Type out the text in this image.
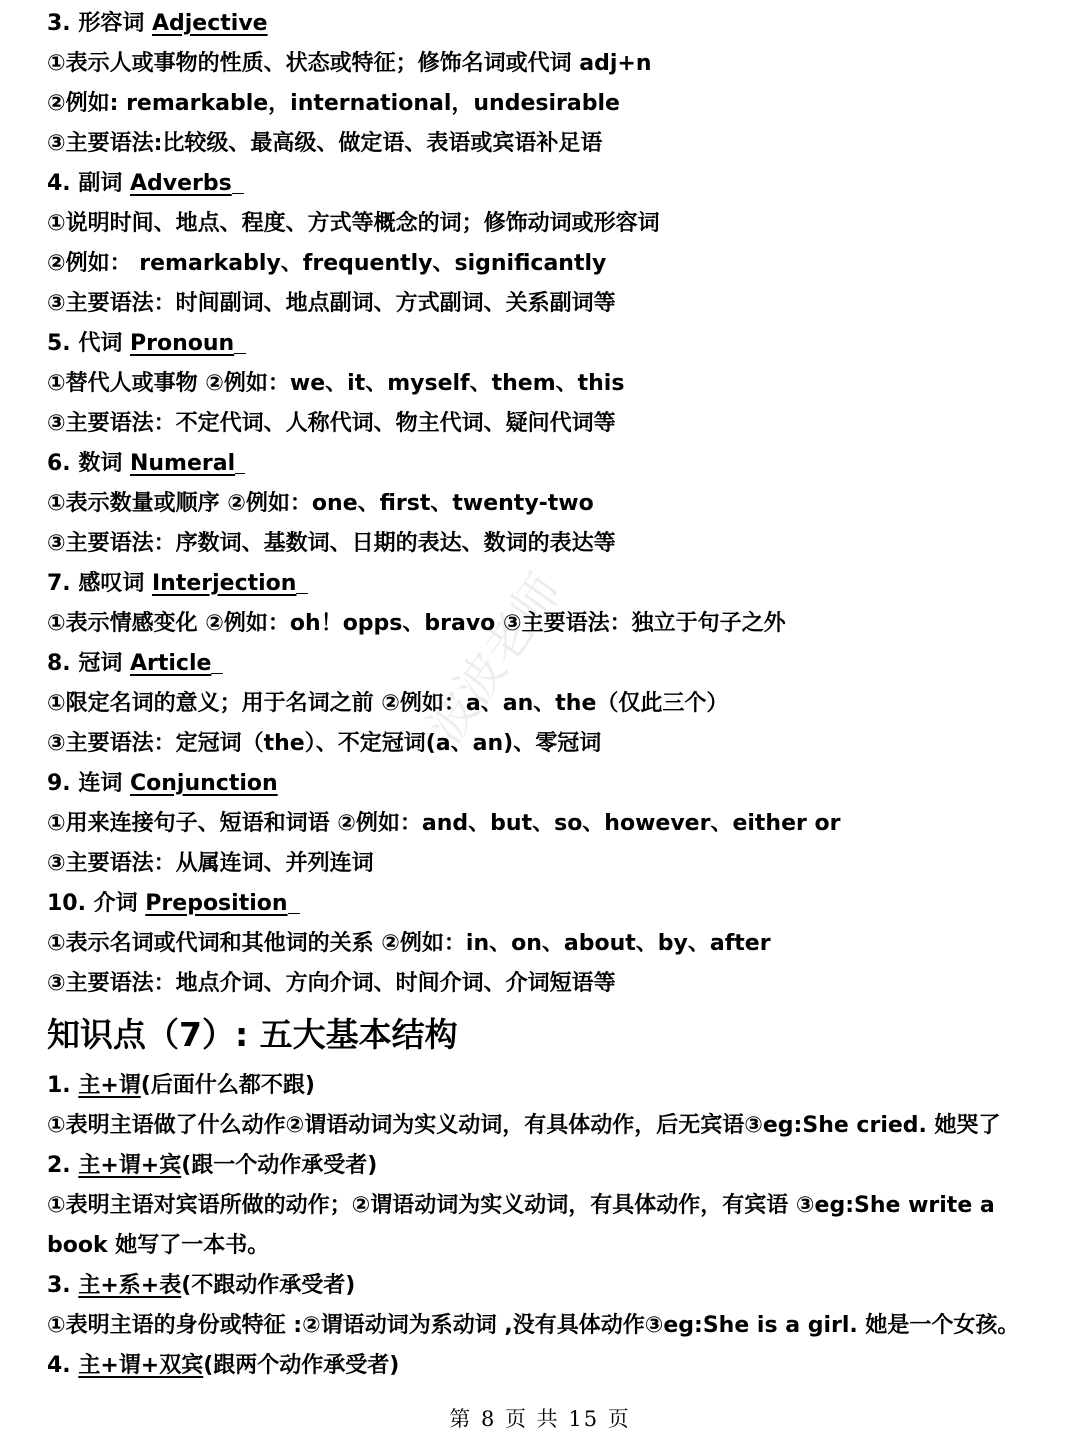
3. 形容词 Adjective
①表示人或事物的性质、状态或特征；修饰名词或代词 adj+n
②例如: remarkable，international，undesirable
③主要语法:比较级、最高级、做定语、表语或宾语补足语
4. 副词 Adverbs
①说明时间、地点、程度、方式等概念的词；修饰动词或形容词
②例如： remarkably、frequently、significantly
③主要语法：时间副词、地点副词、方式副词、关系副词等
5. 代词 Pronoun
①替代人或事物 ②例如：we、it、myself、them、this
③主要语法：不定代词、人称代词、物主代词、疑问代词等
6. 数词 Numeral
①表示数量或顺序 ②例如：one、first、twenty-two
③主要语法：序数词、基数词、日期的表达、数词的表达等
7. 感叹词 Interjection
①表示情感变化 ②例如：oh！opps、bravo ③主要语法：独立于句子之外
8. 冠词 Article
①限定名词的意义；用于名词之前 ②例如：a、an、the（仅此三个）
③主要语法：定冠词（the）、不定冠词(a、an)、零冠词
9. 连词 Conjunction
①用来连接句子、短语和词语 ②例如：and、but、so、however、either or
③主要语法：从属连词、并列连词
10. 介词 Preposition
①表示名词或代词和其他词的关系 ②例如：in、on、about、by、after
③主要语法：地点介词、方向介词、时间介词、介词短语等
知识点（7）: 五大基本结构
1. 主+谓(后面什么都不跟)
①表明主语做了什么动作②谓语动词为实义动词，有具体动作，后无宾语③eg:She cried. 她哭了
2. 主+谓+宾(跟一个动作承受者)
①表明主语对宾语所做的动作；②谓语动词为实义动词，有具体动作，有宾语 ③eg:She write a
book 她写了一本书。
3. 主+系+表(不跟动作承受者)
①表明主语的身份或特征 :②谓语动词为系动词 ,没有具体动作③eg:She is a girl. 她是一个女孩。
4. 主+谓+双宾(跟两个动作承受者)
波波老师
第 8 页 共 15 页
